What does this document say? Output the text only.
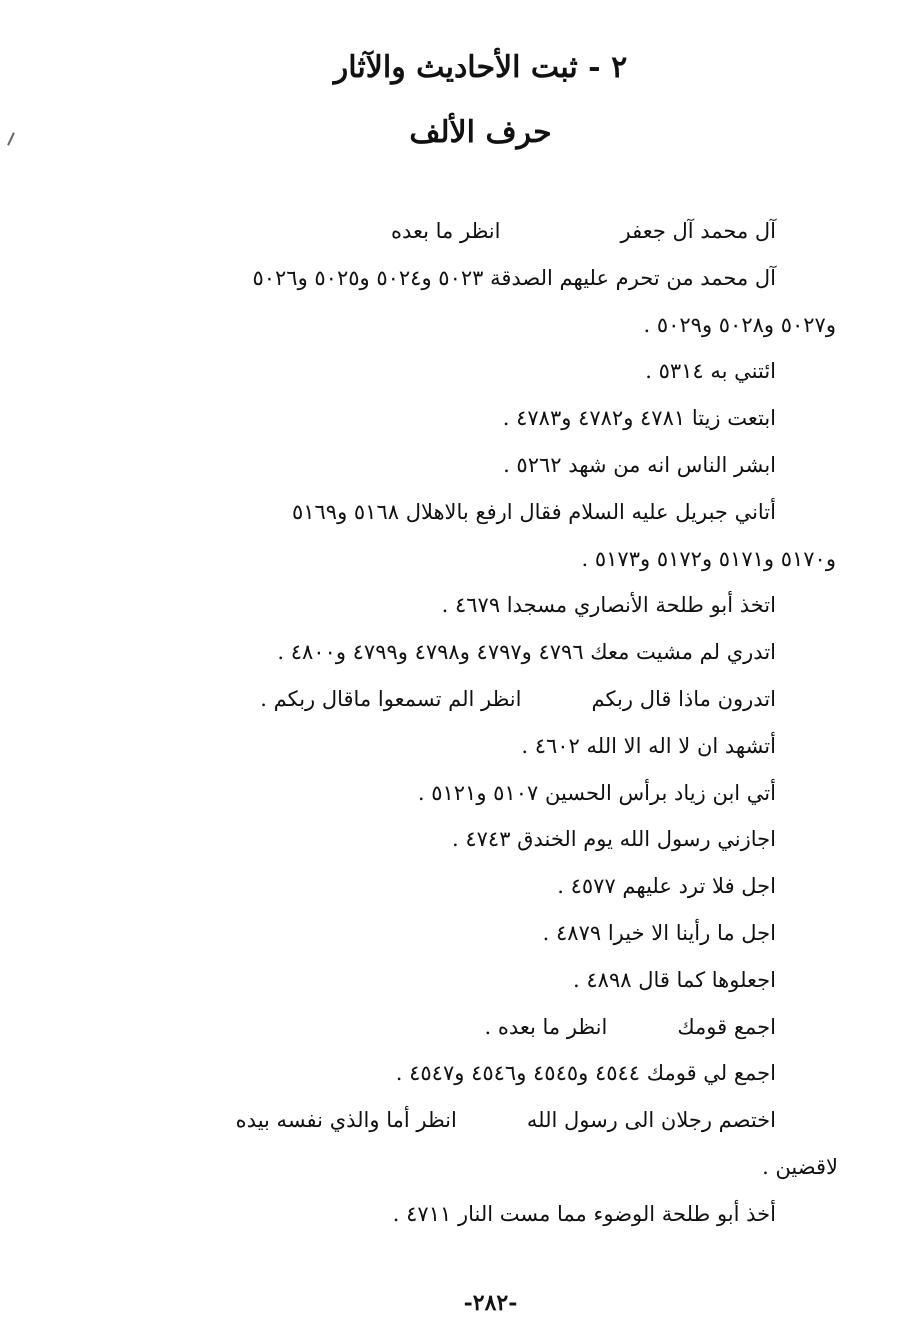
٢ - ثبت الأحاديث والآثار
حرف الألف
آل محمد آل جعفرانظر ما بعده
آل محمد من تحرم عليهم الصدقة ٥٠٢٣ و٥٠٢٤ و٥٠٢٥ و٥٠٢٦
و٥٠٢٧ و٥٠٢٨ و٥٠٢٩ .
ائتني به ٥٣١٤ .
ابتعت زيتا ٤٧٨١ و٤٧٨٢ و٤٧٨٣ .
ابشر الناس انه من شهد ٥٢٦٢ .
أتاني جبريل عليه السلام فقال ارفع بالاهلال ٥١٦٨ و٥١٦٩
و٥١٧٠ و٥١٧١ و٥١٧٢ و٥١٧٣ .
اتخذ أبو طلحة الأنصاري مسجدا ٤٦٧٩ .
اتدري لم مشيت معك ٤٧٩٦ و٤٧٩٧ و٤٧٩٨ و٤٧٩٩ و٤٨٠٠ .
اتدرون ماذا قال ربكمانظر الم تسمعوا ماقال ربكم .
أتشهد ان لا اله الا الله ٤٦٠٢ .
أتي ابن زياد برأس الحسين ٥١٠٧ و٥١٢١ .
اجازني رسول الله يوم الخندق ٤٧٤٣ .
اجل فلا ترد عليهم ٤٥٧٧ .
اجل ما رأينا الا خيرا ٤٨٧٩ .
اجعلوها كما قال ٤٨٩٨ .
اجمع قومكانظر ما بعده .
اجمع لي قومك ٤٥٤٤ و٤٥٤٥ و٤٥٤٦ و٤٥٤٧ .
اختصم رجلان الى رسول اللهانظر أما والذي نفسه بيده
لاقضين .
أخذ أبو طلحة الوضوء مما مست النار ٤٧١١ .
-٢٨٢-
